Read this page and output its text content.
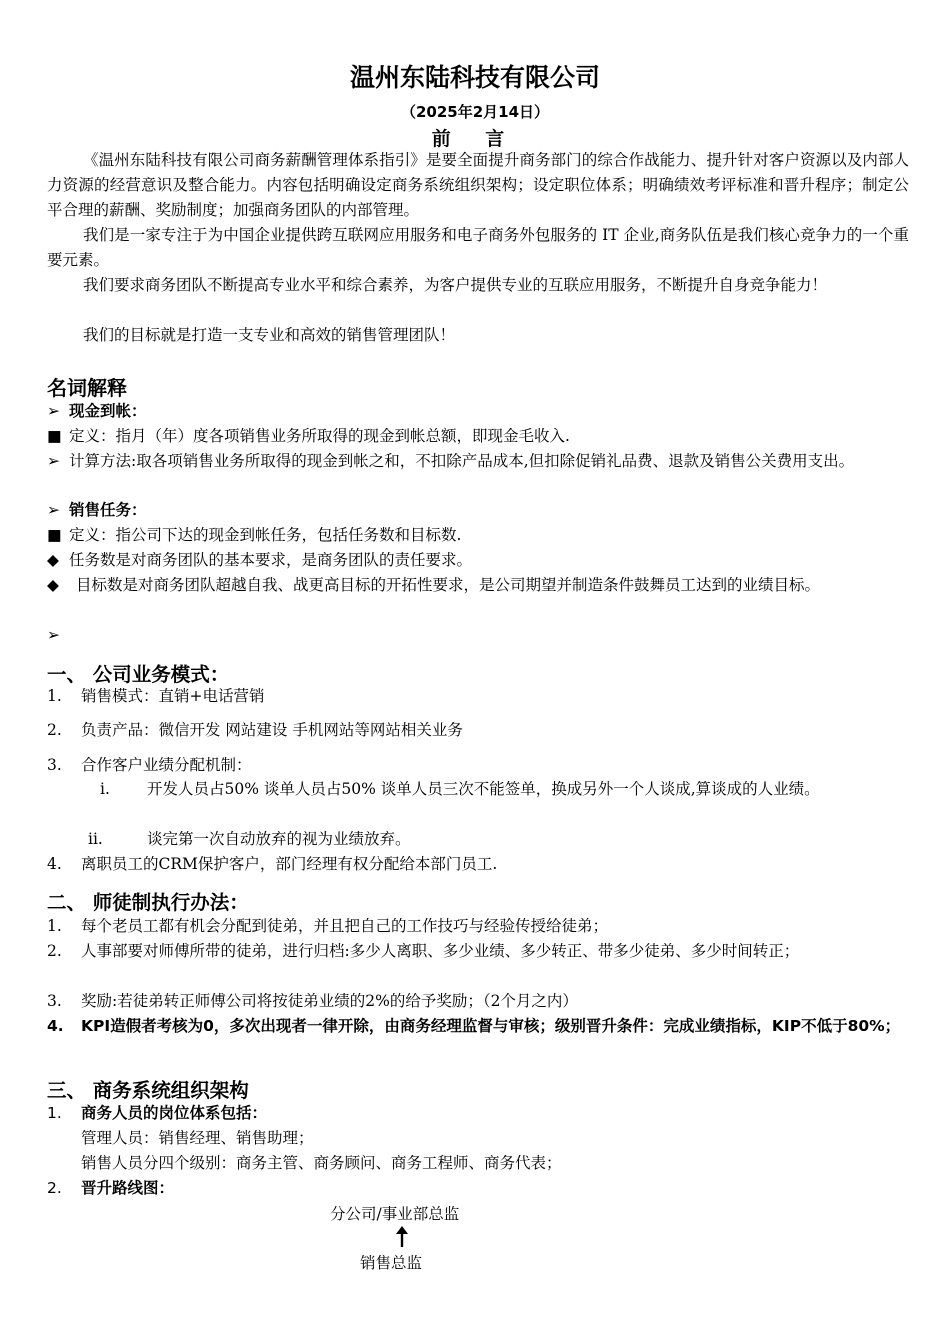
温州东陆科技有限公司
（2025年2月14日）
前 言
《温州东陆科技有限公司商务薪酬管理体系指引》是要全面提升商务部门的综合作战能力、提升针对客户资源以及内部人力资源的经营意识及整合能力。内容包括明确设定商务系统组织架构；设定职位体系；明确绩效考评标准和晋升程序；制定公平合理的薪酬、奖励制度；加强商务团队的内部管理。
我们是一家专注于为中国企业提供跨互联网应用服务和电子商务外包服务的 IT 企业,商务队伍是我们核心竞争力的一个重要元素。
我们要求商务团队不断提高专业水平和综合素养，为客户提供专业的互联应用服务，不断提升自身竞争能力！
我们的目标就是打造一支专业和高效的销售管理团队！
名词解释
➢ 现金到帐：
■ 定义：指月（年）度各项销售业务所取得的现金到帐总额，即现金毛收入.
➢ 计算方法:取各项销售业务所取得的现金到帐之和，不扣除产品成本,但扣除促销礼品费、退款及销售公关费用支出。
➢ 销售任务：
■ 定义：指公司下达的现金到帐任务，包括任务数和目标数.
◆ 任务数是对商务团队的基本要求，是商务团队的责任要求。
◆	目标数是对商务团队超越自我、战更高目标的开拓性要求，是公司期望并制造条件鼓舞员工达到的业绩目标。
➢
一、 公司业务模式：
1. 销售模式：直销+电话营销
2. 负责产品：微信开发 网站建设 手机网站等网站相关业务
3. 合作客户业绩分配机制：
i.	开发人员占50% 谈单人员占50% 谈单人员三次不能签单，换成另外一个人谈成,算谈成的人业绩。
ii.	谈完第一次自动放弃的视为业绩放弃。
4. 离职员工的CRM保护客户，部门经理有权分配给本部门员工.
二、 师徒制执行办法：
1. 每个老员工都有机会分配到徒弟，并且把自己的工作技巧与经验传授给徒弟；
2.	人事部要对师傅所带的徒弟，进行归档:多少人离职、多少业绩、多少转正、带多少徒弟、多少时间转正；
3. 奖励:若徒弟转正师傅公司将按徒弟业绩的2%的给予奖励；（2个月之内）
4.	KPI造假者考核为0，多次出现者一律开除，由商务经理监督与审核；级别晋升条件：完成业绩指标，KIP不低于80%；
三、 商务系统组织架构
1. 商务人员的岗位体系包括：
管理人员：销售经理、销售助理；
销售人员分四个级别：商务主管、商务顾问、商务工程师、商务代表；
2. 晋升路线图：
分公司/事业部总监
销售总监
